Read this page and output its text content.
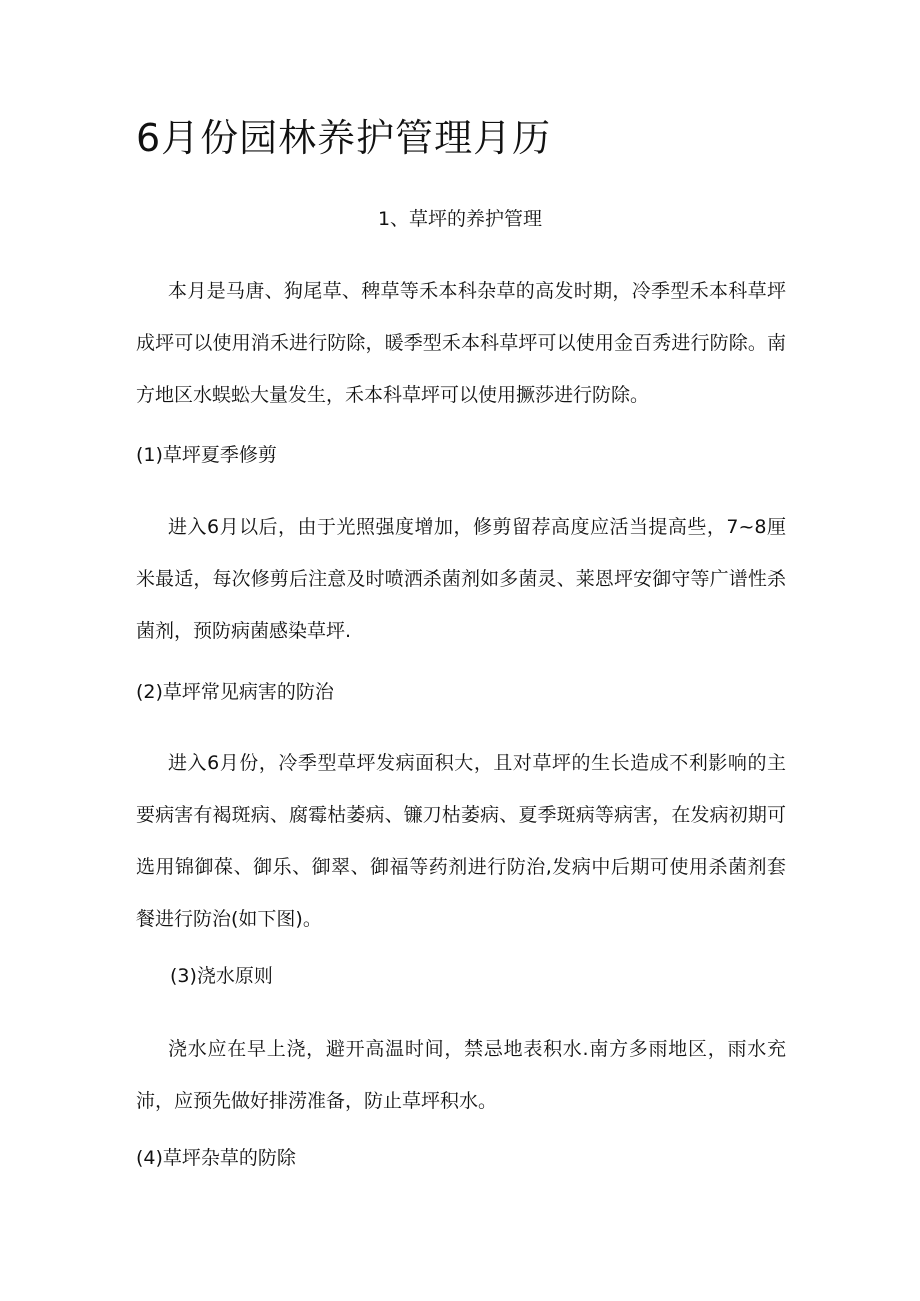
6月份园林养护管理月历
1、草坪的养护管理

本月是马唐、狗尾草、稗草等禾本科杂草的高发时期，冷季型禾本科草坪成坪可以使用消禾进行防除，暖季型禾本科草坪可以使用金百秀进行防除。南方地区水蜈蚣大量发生，禾本科草坪可以使用撅莎进行防除。

(1)草坪夏季修剪

进入6月以后，由于光照强度增加，修剪留荐高度应活当提高些，7~8厘米最适，每次修剪后注意及时喷洒杀菌剂如多菌灵、莱恩坪安御守等广谱性杀菌剂，预防病菌感染草坪.

(2)草坪常见病害的防治

进入6月份，冷季型草坪发病面积大，且对草坪的生长造成不利影响的主要病害有褐斑病、腐霉枯萎病、镰刀枯萎病、夏季斑病等病害，在发病初期可选用锦御葆、御乐、御翠、御福等药剂进行防治,发病中后期可使用杀菌剂套餐进行防治(如下图)。

(3)浇水原则

浇水应在早上浇，避开高温时间，禁忌地表积水.南方多雨地区，雨水充沛，应预先做好排涝准备，防止草坪积水。

(4)草坪杂草的防除
